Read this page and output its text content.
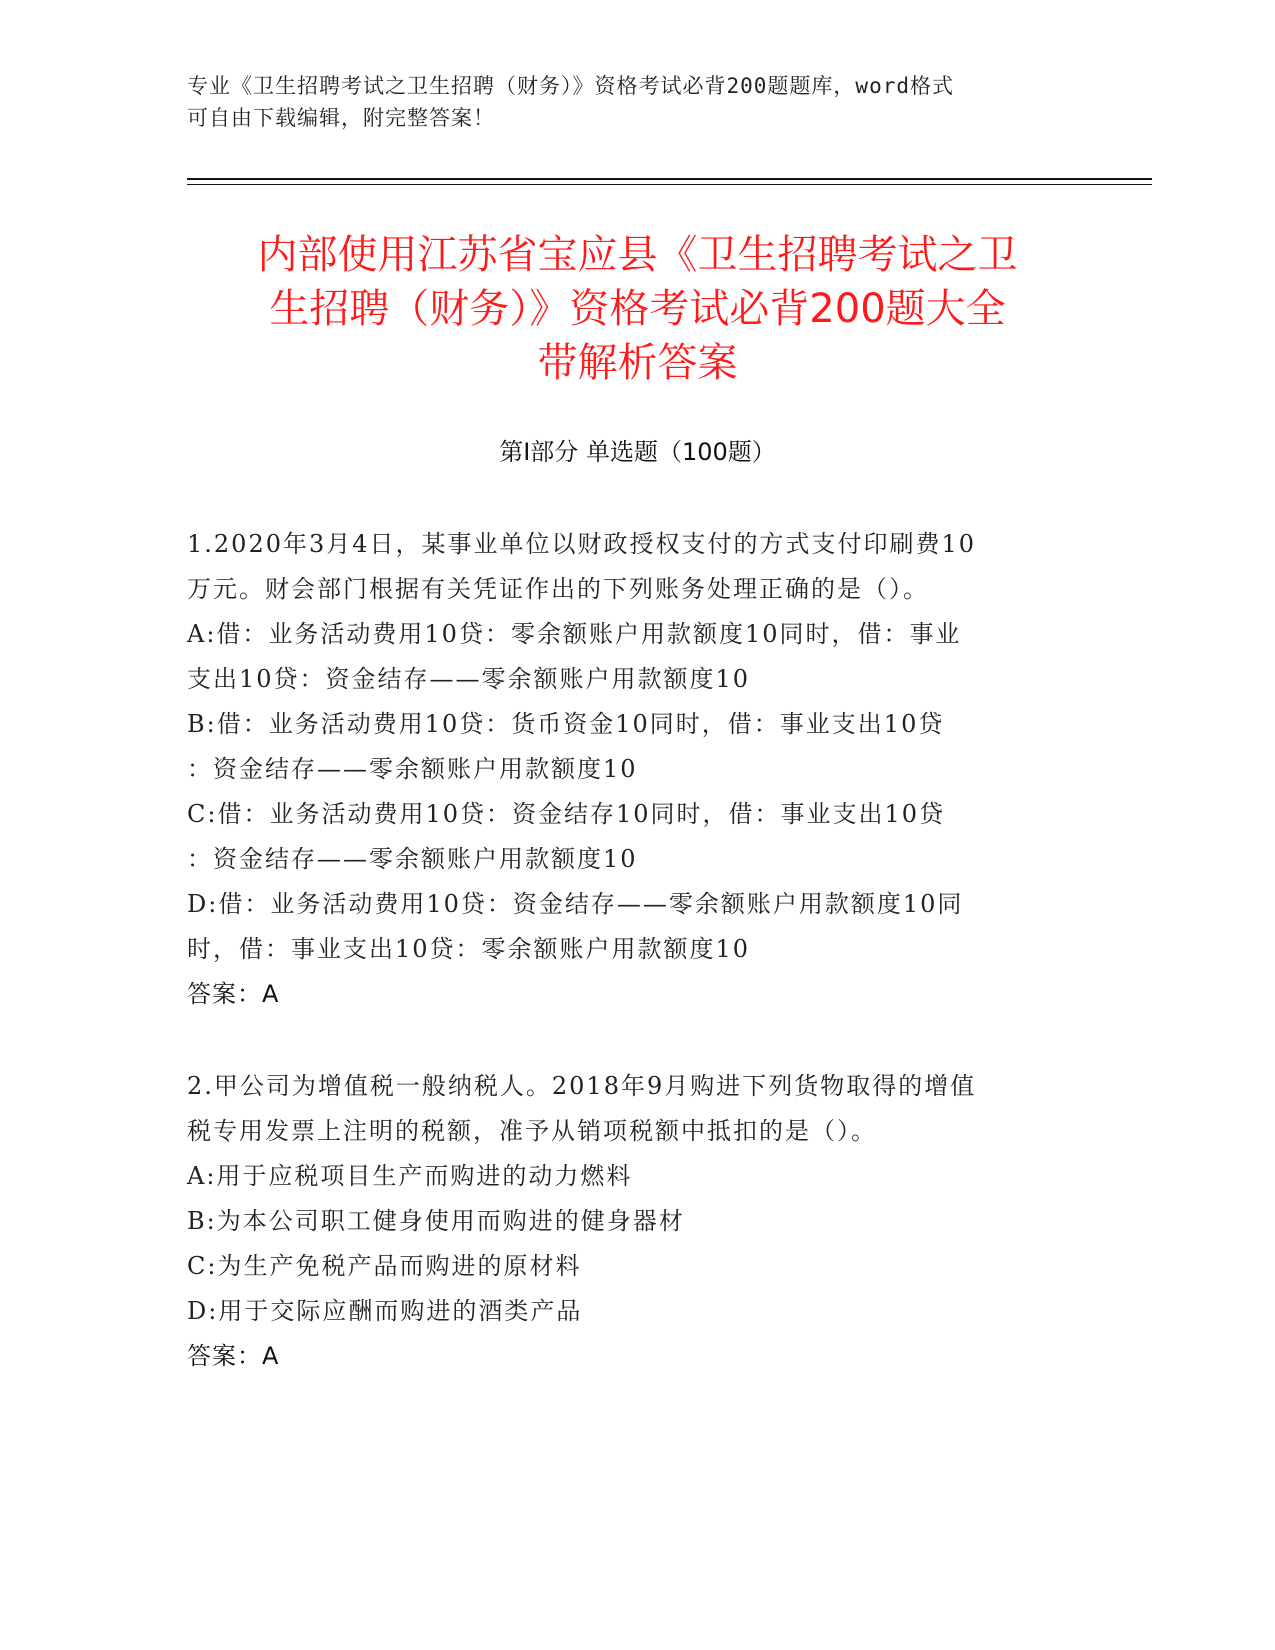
专业《卫生招聘考试之卫生招聘（财务）》资格考试必背200题题库，word格式
可自由下载编辑，附完整答案！
内部使用江苏省宝应县《卫生招聘考试之卫
生招聘（财务）》资格考试必背200题大全
带解析答案
第Ⅰ部分 单选题（100题）
1.2020年3月4日，某事业单位以财政授权支付的方式支付印刷费10
万元。财会部门根据有关凭证作出的下列账务处理正确的是（）。
A:借：业务活动费用10贷：零余额账户用款额度10同时，借：事业
支出10贷：资金结存——零余额账户用款额度10
B:借：业务活动费用10贷：货币资金10同时，借：事业支出10贷
：资金结存——零余额账户用款额度10
C:借：业务活动费用10贷：资金结存10同时，借：事业支出10贷
：资金结存——零余额账户用款额度10
D:借：业务活动费用10贷：资金结存——零余额账户用款额度10同
时，借：事业支出10贷：零余额账户用款额度10
答案：A
2.甲公司为增值税一般纳税人。2018年9月购进下列货物取得的增值
税专用发票上注明的税额，准予从销项税额中抵扣的是（）。
A:用于应税项目生产而购进的动力燃料
B:为本公司职工健身使用而购进的健身器材
C:为生产免税产品而购进的原材料
D:用于交际应酬而购进的酒类产品
答案：A
